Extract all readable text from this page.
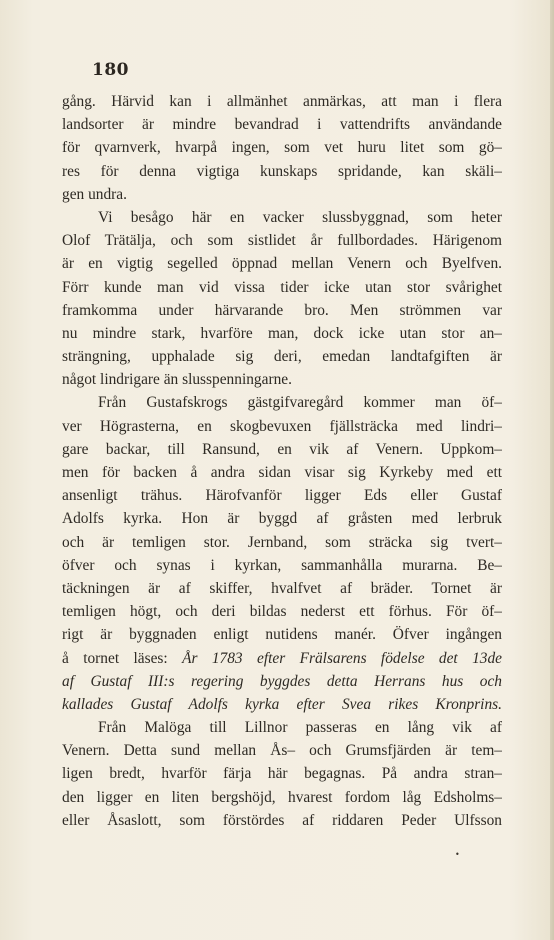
180
gång. Härvid kan i allmänhet anmärkas, att man i flera
landsorter är mindre bevandrad i vattendrifts användande
för qvarnverk, hvarpå ingen, som vet huru litet som gö–
res för denna vigtiga kunskaps spridande, kan skäli–
gen undra.
Vi besågo här en vacker slussbyggnad, som heter
Olof Trätälja, och som sistlidet år fullbordades. Härigenom
är en vigtig segelled öppnad mellan Venern och Byelfven.
Förr kunde man vid vissa tider icke utan stor svårighet
framkomma under härvarande bro. Men strömmen var
nu mindre stark, hvarföre man, dock icke utan stor an–
strängning, upphalade sig deri, emedan landtafgiften är
något lindrigare än slusspenningarne.
Från Gustafskrogs gästgifvaregård kommer man öf–
ver Högrasterna, en skogbevuxen fjällsträcka med lindri–
gare backar, till Ransund, en vik af Venern. Uppkom–
men för backen å andra sidan visar sig Kyrkeby med ett
ansenligt trähus. Härofvanför ligger Eds eller Gustaf
Adolfs kyrka. Hon är byggd af gråsten med lerbruk
och är temligen stor. Jernband, som sträcka sig tvert–
öfver och synas i kyrkan, sammanhålla murarna. Be–
täckningen är af skiffer, hvalfvet af bräder. Tornet är
temligen högt, och deri bildas nederst ett förhus. För öf–
rigt är byggnaden enligt nutidens manér. Öfver ingången
å tornet läses: År 1783 efter Frälsarens födelse det 13de
af Gustaf III:s regering byggdes detta Herrans hus och
kallades Gustaf Adolfs kyrka efter Svea rikes Kronprins.
Från Malöga till Lillnor passeras en lång vik af
Venern. Detta sund mellan Ås– och Grumsfjärden är tem–
ligen bredt, hvarför färja här begagnas. På andra stran–
den ligger en liten bergshöjd, hvarest fordom låg Edsholms–
eller Åsaslott, som förstördes af riddaren Peder Ulfsson
•
